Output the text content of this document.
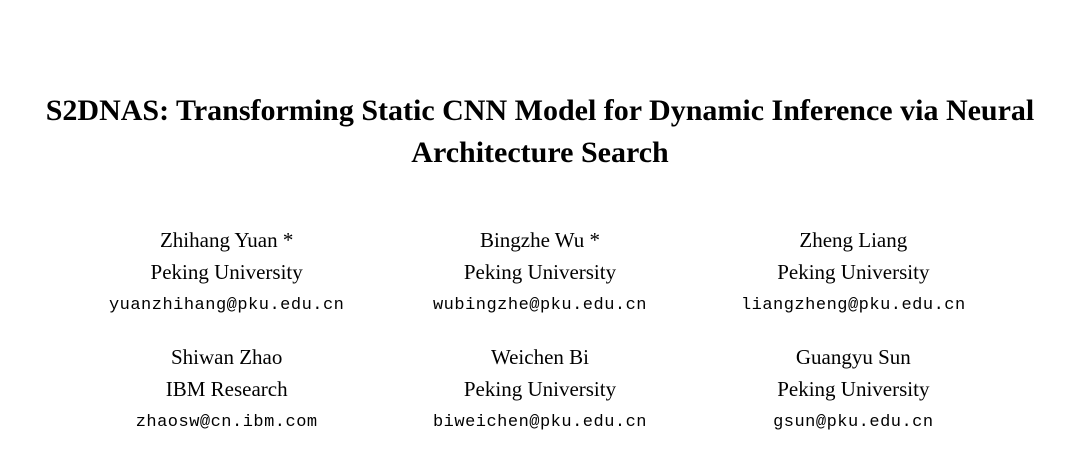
S2DNAS: Transforming Static CNN Model for Dynamic Inference via Neural
Architecture Search
Zhihang Yuan *
Peking University
yuanzhihang@pku.edu.cn
Bingzhe Wu *
Peking University
wubingzhe@pku.edu.cn
Zheng Liang
Peking University
liangzheng@pku.edu.cn
Shiwan Zhao
IBM Research
zhaosw@cn.ibm.com
Weichen Bi
Peking University
biweichen@pku.edu.cn
Guangyu Sun
Peking University
gsun@pku.edu.cn
